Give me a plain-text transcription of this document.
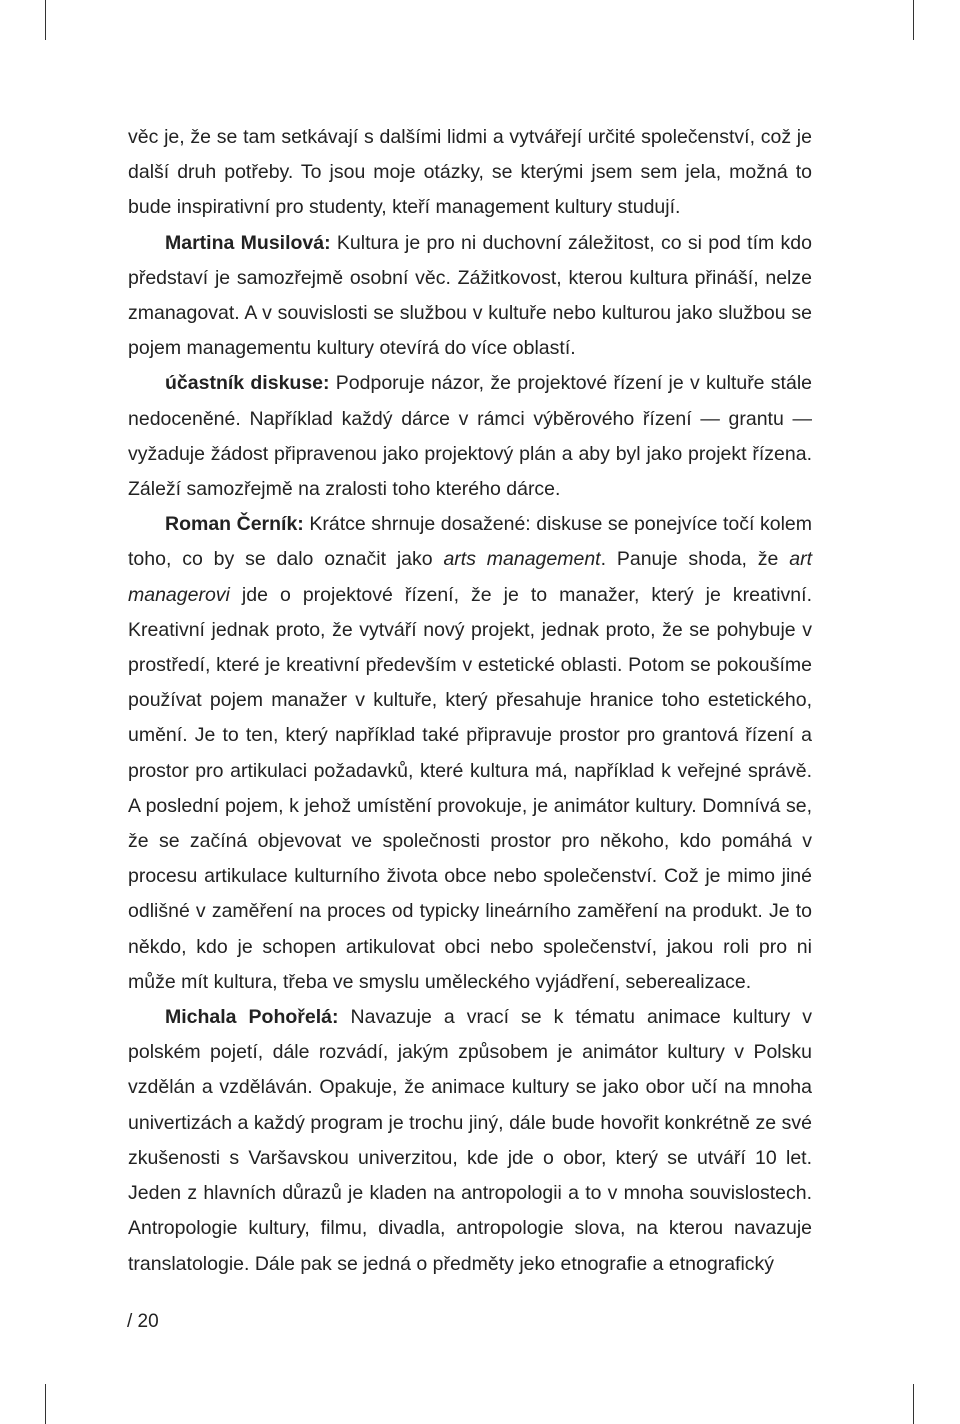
věc je, že se tam setkávají s dalšími lidmi a vytvářejí určité společenství, což je další druh potřeby. To jsou moje otázky, se kterými jsem sem jela, možná to bude inspirativní pro studenty, kteří management kultury studují.

Martina Musilová: Kultura je pro ni duchovní záležitost, co si pod tím kdo představí je samozřejmě osobní věc. Zážitkovost, kterou kultura přináší, nelze zmanagovat. A v souvislosti se službou v kultuře nebo kulturou jako službou se pojem managementu kultury otevírá do více oblastí.

účastník diskuse: Podporuje názor, že projektové řízení je v kultuře stále nedoceněné. Například každý dárce v rámci výběrového řízení — grantu — vyžaduje žádost připravenou jako projektový plán a aby byl jako projekt řízena. Záleží samozřejmě na zralosti toho kterého dárce.

Roman Černík: Krátce shrnuje dosažené: diskuse se ponejvíce točí kolem toho, co by se dalo označit jako arts management. Panuje shoda, že art managerovi jde o projektové řízení, že je to manažer, který je kreativní. Kreativní jednak proto, že vytváří nový projekt, jednak proto, že se pohybuje v prostředí, které je kreativní především v estetické oblasti. Potom se pokoušíme používat pojem manažer v kultuře, který přesahuje hranice toho estetického, umění. Je to ten, který například také připravuje prostor pro grantová řízení a prostor pro artikulaci požadavků, které kultura má, například k veřejné správě. A poslední pojem, k jehož umístění provokuje, je animátor kultury. Domnívá se, že se začíná objevovat ve společnosti prostor pro někoho, kdo pomáhá v procesu artikulace kulturního života obce nebo společenství. Což je mimo jiné odlišné v zaměření na proces od typicky lineárního zaměření na produkt. Je to někdo, kdo je schopen artikulovat obci nebo společenství, jakou roli pro ni může mít kultura, třeba ve smyslu uměleckého vyjádření, seberealizace.

Michala Pohořelá: Navazuje a vrací se k tématu animace kultury v polském pojetí, dále rozvádí, jakým způsobem je animátor kultury v Polsku vzdělán a vzděláván. Opakuje, že animace kultury se jako obor učí na mnoha univertizách a každý program je trochu jiný, dále bude hovořit konkrétně ze své zkušenosti s Varšavskou univerzitou, kde jde o obor, který se utváří 10 let. Jeden z hlavních důrazů je kladen na antropologii a to v mnoha souvislostech. Antropologie kultury, filmu, divadla, antropologie slova, na kterou navazuje translatologie. Dále pak se jedná o předměty jeko etnografie a etnografický

/ 20
